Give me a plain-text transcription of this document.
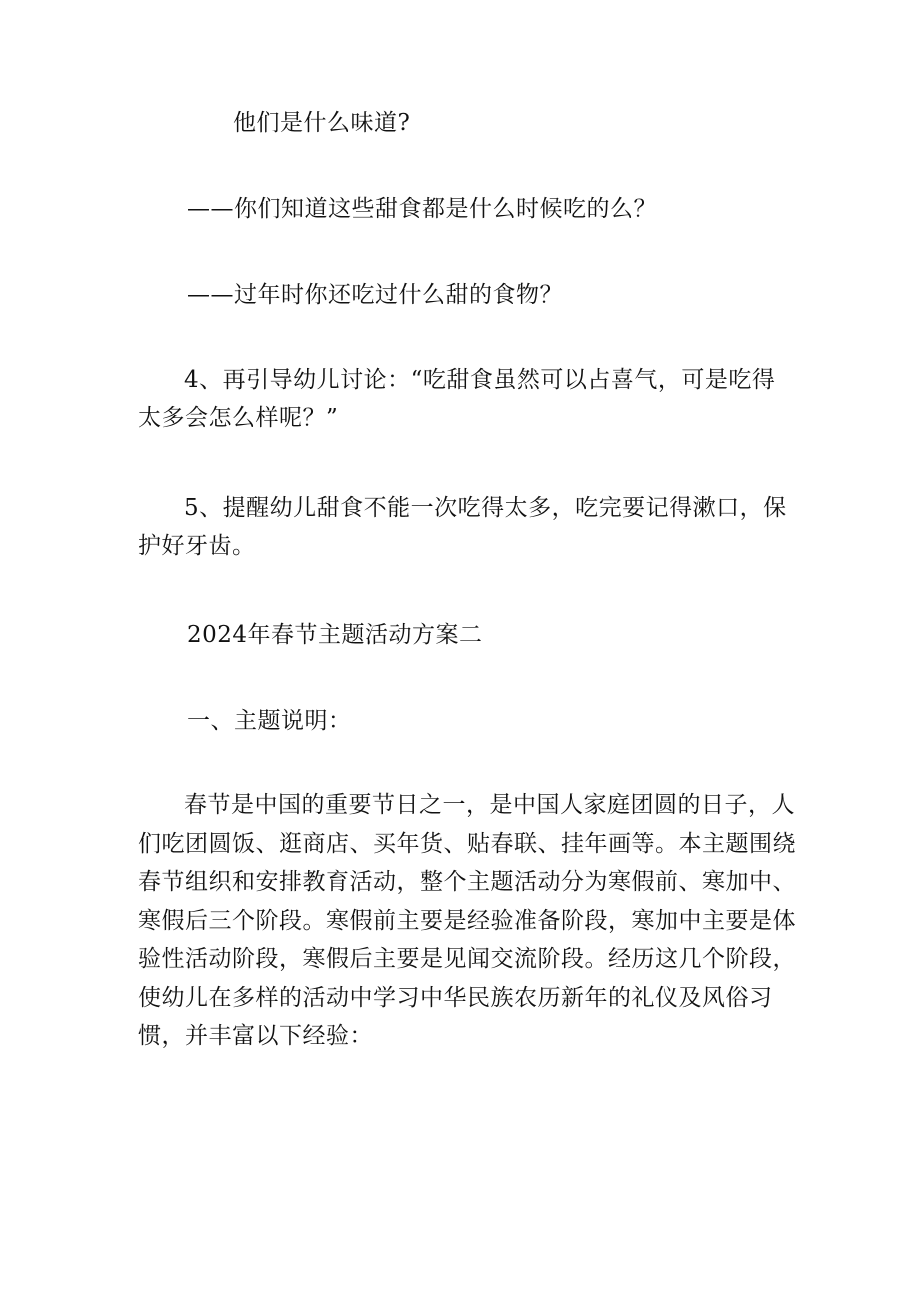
他们是什么味道?

——你们知道这些甜食都是什么时候吃的么？

——过年时你还吃过什么甜的食物？

4、再引导幼儿讨论：“吃甜食虽然可以占喜气，可是吃得
太多会怎么样呢？”
5、提醒幼儿甜食不能一次吃得太多，吃完要记得漱口，保
护好牙齿。

2024年春节主题活动方案二

一、主题说明：

春节是中国的重要节日之一，是中国人家庭团圆的日子，人
们吃团圆饭、逛商店、买年货、贴春联、挂年画等。本主题围绕
春节组织和安排教育活动，整个主题活动分为寒假前、寒加中、
寒假后三个阶段。寒假前主要是经验准备阶段，寒加中主要是体
验性活动阶段，寒假后主要是见闻交流阶段。经历这几个阶段，
使幼儿在多样的活动中学习中华民族农历新年的礼仪及风俗习
惯，并丰富以下经验：
